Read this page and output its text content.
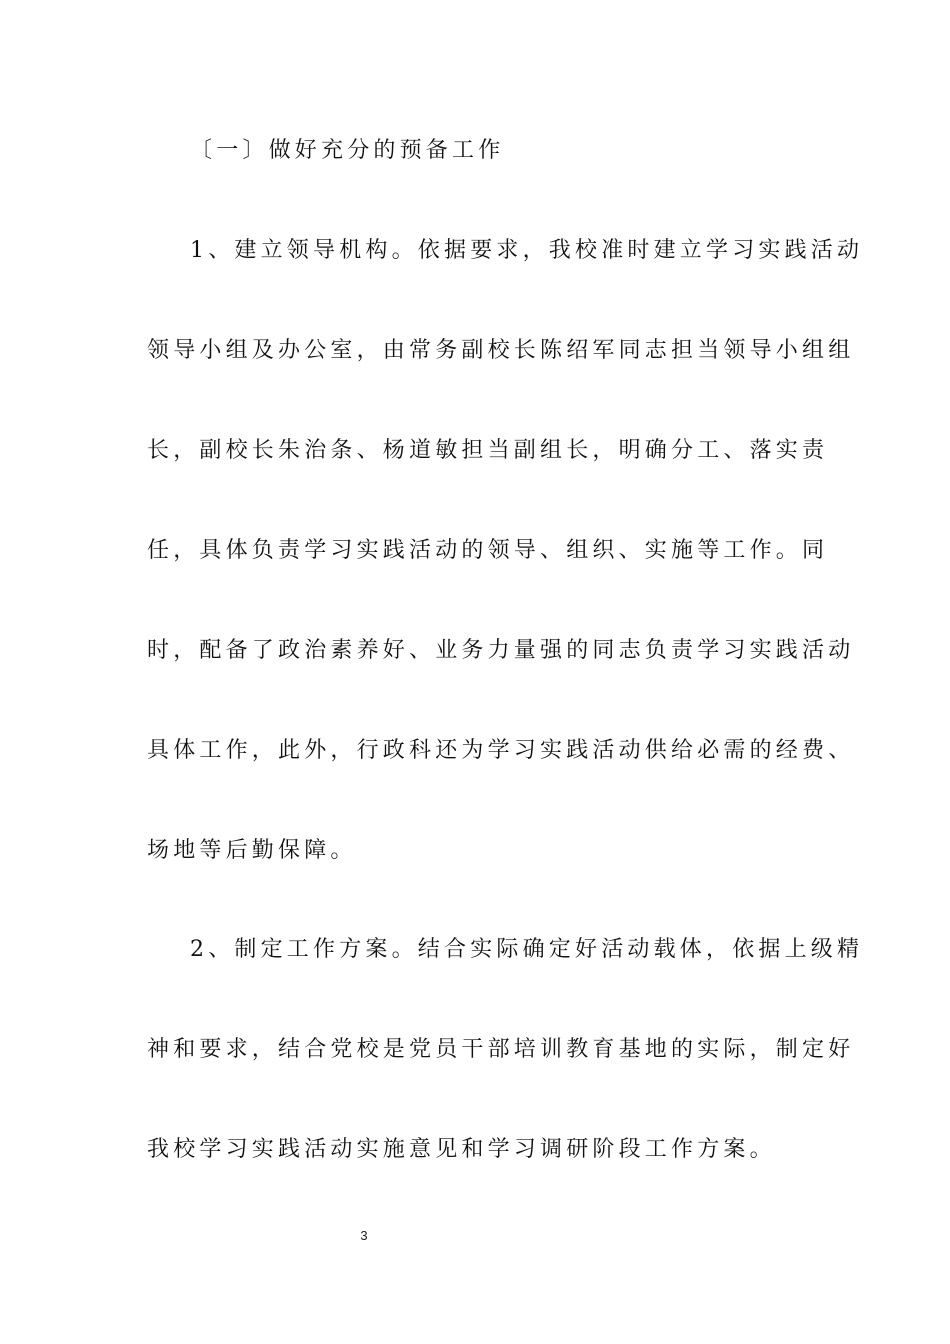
〔一〕做好充分的预备工作
1、建立领导机构。依据要求，我校准时建立学习实践活动
领导小组及办公室，由常务副校长陈绍军同志担当领导小组组
长，副校长朱治条、杨道敏担当副组长，明确分工、落实责
任，具体负责学习实践活动的领导、组织、实施等工作。同
时，配备了政治素养好、业务力量强的同志负责学习实践活动
具体工作，此外，行政科还为学习实践活动供给必需的经费、
场地等后勤保障。
2、制定工作方案。结合实际确定好活动载体，依据上级精
神和要求，结合党校是党员干部培训教育基地的实际，制定好
我校学习实践活动实施意见和学习调研阶段工作方案。
3
